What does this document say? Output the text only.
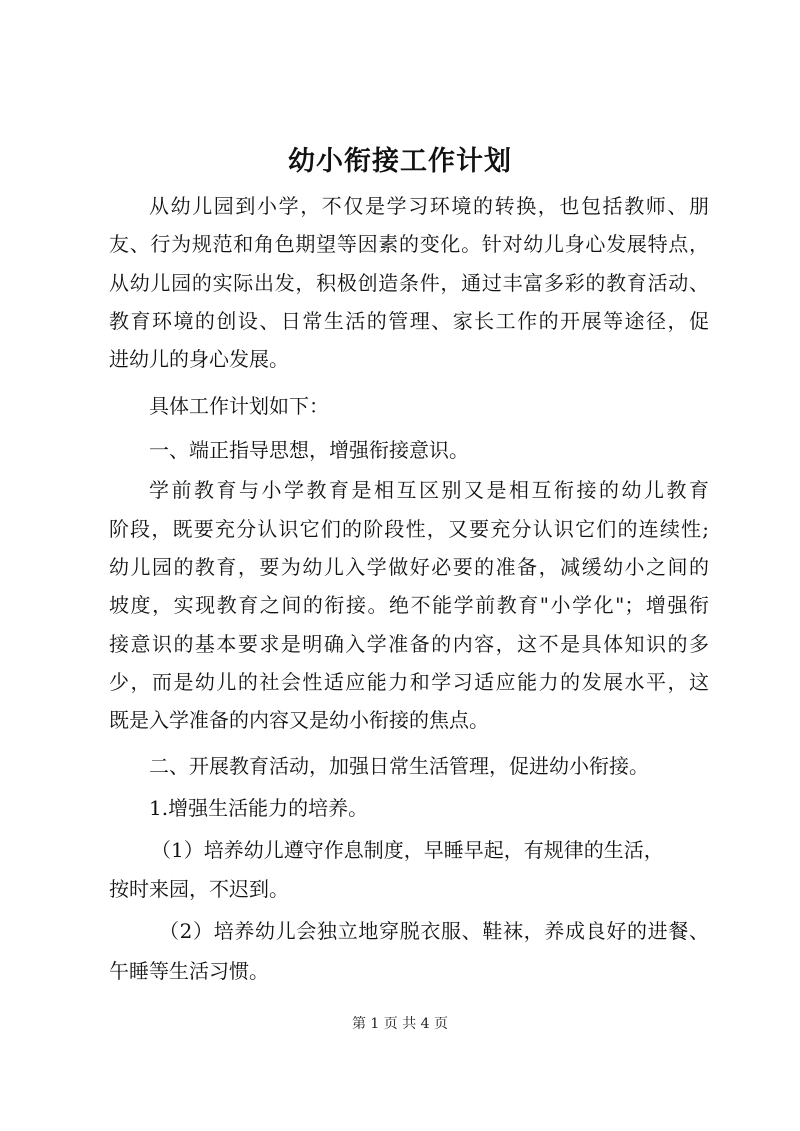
幼小衔接工作计划

从幼儿园到小学，不仅是学习环境的转换，也包括教师、朋

友、行为规范和角色期望等因素的变化。针对幼儿身心发展特点，

从幼儿园的实际出发，积极创造条件，通过丰富多彩的教育活动、

教育环境的创设、日常生活的管理、家长工作的开展等途径，促

进幼儿的身心发展。

具体工作计划如下：

一、端正指导思想，增强衔接意识。

学前教育与小学教育是相互区别又是相互衔接的幼儿教育

阶段，既要充分认识它们的阶段性，又要充分认识它们的连续性;

幼儿园的教育，要为幼儿入学做好必要的准备，减缓幼小之间的

坡度，实现教育之间的衔接。绝不能学前教育"小学化"；增强衔

接意识的基本要求是明确入学准备的内容，这不是具体知识的多

少，而是幼儿的社会性适应能力和学习适应能力的发展水平，这

既是入学准备的内容又是幼小衔接的焦点。

二、开展教育活动，加强日常生活管理，促进幼小衔接。

1.增强生活能力的培养。

（1）培养幼儿遵守作息制度，早睡早起，有规律的生活，

按时来园，不迟到。

（2）培养幼儿会独立地穿脱衣服、鞋袜，养成良好的进餐、

午睡等生活习惯。

第 1 页 共 4 页
